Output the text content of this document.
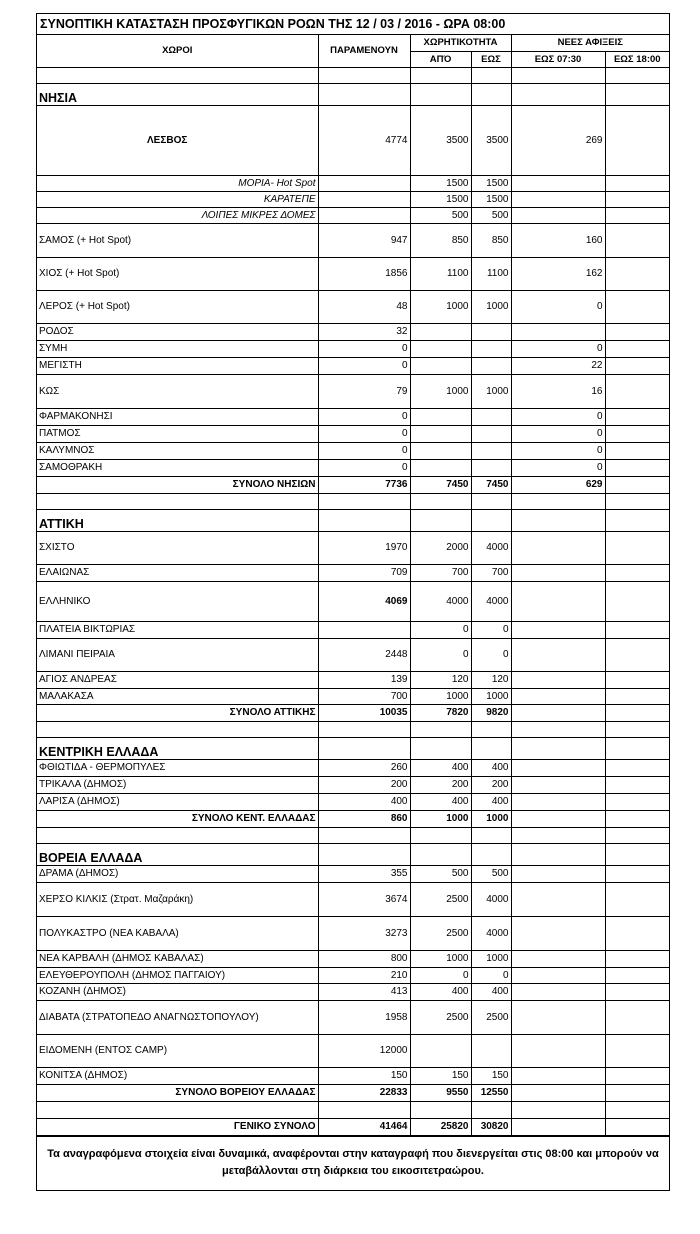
ΣΥΝΟΠΤΙΚΗ ΚΑΤΑΣΤΑΣΗ ΠΡΟΣΦΥΓΙΚΩΝ ΡΟΩΝ ΤΗΣ 12 / 03 / 2016 - ΩΡΑ 08:00
ΧΩΡΟΙ	ΠΑΡΑΜΕΝΟΥΝ	ΧΩΡΗΤΙΚΟΤΗΤΑ		ΝΕΕΣ ΑΦΙΞΕΙΣ	
		ΑΠΌ	ΕΩΣ	ΕΩΣ 07:30	ΕΩΣ 18:00

ΝΗΣΙΑ					
ΛΕΣΒΟΣ	4774	3500	3500	269	
ΜΟΡΙΑ- Hot Spot		1500	1500		
ΚΑΡΑΤΕΠΕ		1500	1500		
ΛΟΙΠΕΣ ΜΙΚΡΕΣ ΔΟΜΕΣ		500	500		
ΣΑΜΟΣ (+ Hot Spot)	947	850	850	160	
ΧΙΟΣ (+ Hot Spot)	1856	1100	1100	162	
ΛΕΡΟΣ (+ Hot Spot)	48	1000	1000	0	
ΡΟΔΟΣ	32				
ΣΥΜΗ	0			0	
ΜΕΓΙΣΤΗ	0			22	
ΚΩΣ	79	1000	1000	16	
ΦΑΡΜΑΚΟΝΗΣΙ	0			0	
ΠΑΤΜΟΣ	0			0	
ΚΑΛΥΜΝΟΣ	0			0	
ΣΑΜΟΘΡΑΚΗ	0			0	
ΣΥΝΟΛΟ ΝΗΣΙΩΝ	7736	7450	7450	629	

ΑΤΤΙΚΗ					
ΣΧΙΣΤΟ	1970	2000	4000		
ΕΛΑΙΩΝΑΣ	709	700	700		
ΕΛΛΗΝΙΚΟ	4069	4000	4000		
ΠΛΑΤΕΙΑ ΒΙΚΤΩΡΙΑΣ		0	0		
ΛΙΜΑΝΙ ΠΕΙΡΑΙΑ	2448	0	0		
ΑΓΙΟΣ ΑΝΔΡΕΑΣ	139	120	120		
ΜΑΛΑΚΑΣΑ	700	1000	1000		
ΣΥΝΟΛΟ ΑΤΤΙΚΗΣ	10035	7820	9820		

ΚΕΝΤΡΙΚΗ ΕΛΛΑΔΑ					
ΦΘΙΩΤΙΔΑ - ΘΕΡΜΟΠΥΛΕΣ	260	400	400		
ΤΡΙΚΑΛΑ (ΔΗΜΟΣ)	200	200	200		
ΛΑΡΙΣΑ (ΔΗΜΟΣ)	400	400	400		
ΣΥΝΟΛΟ ΚΕΝΤ. ΕΛΛΑΔΑΣ	860	1000	1000		

ΒΟΡΕΙΑ ΕΛΛΑΔΑ					
ΔΡΑΜΑ (ΔΗΜΟΣ)	355	500	500		
ΧΕΡΣΟ ΚΙΛΚΙΣ (Στρατ. Μαζαράκη)	3674	2500	4000		
ΠΟΛΥΚΑΣΤΡΟ (ΝΕΑ ΚΑΒΑΛΑ)	3273	2500	4000		
ΝΕΑ ΚΑΡΒΑΛΗ (ΔΗΜΟΣ ΚΑΒΑΛΑΣ)	800	1000	1000		
ΕΛΕΥΘΕΡΟΥΠΟΛΗ (ΔΗΜΟΣ ΠΑΓΓΑΙΟΥ)	210	0	0		
ΚΟΖΑΝΗ (ΔΗΜΟΣ)	413	400	400		
ΔΙΑΒΑΤΑ (ΣΤΡΑΤΟΠΕΔΟ ΑΝΑΓΝΩΣΤΟΠΟΥΛΟΥ)	1958	2500	2500		
ΕΙΔΟΜΕΝΗ (ΕΝΤΟΣ CAMP)	12000				
ΚΟΝΙΤΣΑ (ΔΗΜΟΣ)	150	150	150		
ΣΥΝΟΛΟ ΒΟΡΕΙΟΥ ΕΛΛΑΔΑΣ	22833	9550	12550		

ΓΕΝΙΚΟ ΣΥΝΟΛΟ	41464	25820	30820		
Τα αναγραφόμενα στοιχεία είναι δυναμικά, αναφέρονται στην καταγραφή που διενεργείται στις 08:00 και μπορούν να μεταβάλλονται στη διάρκεια του εικοσιτετραώρου.
